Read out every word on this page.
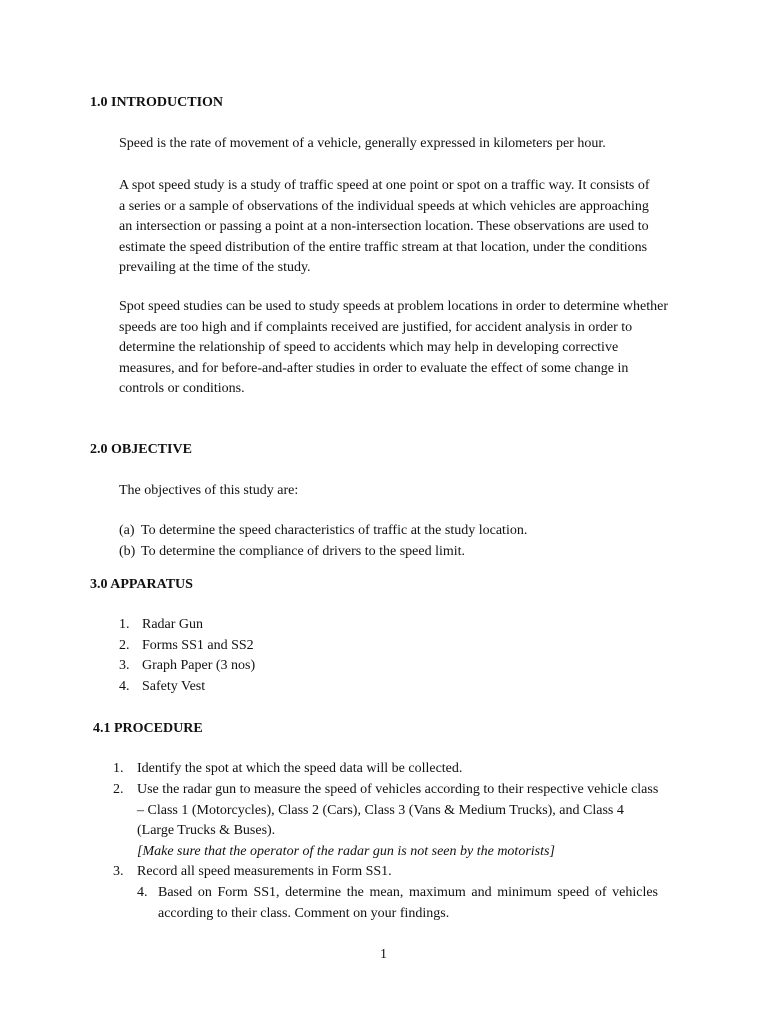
1.0 INTRODUCTION
Speed is the rate of movement of a vehicle, generally expressed in kilometers per hour.
A spot speed study is a study of traffic speed at one point or spot on a traffic way. It consists of a series or a sample of observations of the individual speeds at which vehicles are approaching an intersection or passing a point at a non-intersection location. These observations are used to estimate the speed distribution of the entire traffic stream at that location, under the conditions prevailing at the time of the study.
Spot speed studies can be used to study speeds at problem locations in order to determine whether speeds are too high and if complaints received are justified, for accident analysis in order to determine the relationship of speed to accidents which may help in developing corrective measures, and for before-and-after studies in order to evaluate the effect of some change in controls or conditions.
2.0 OBJECTIVE
The objectives of this study are:
(a) To determine the speed characteristics of traffic at the study location.
(b) To determine the compliance of drivers to the speed limit.
3.0 APPARATUS
1. Radar Gun
2. Forms SS1 and SS2
3. Graph Paper (3 nos)
4. Safety Vest
4.1 PROCEDURE
1. Identify the spot at which the speed data will be collected.
2. Use the radar gun to measure the speed of vehicles according to their respective vehicle class – Class 1 (Motorcycles), Class 2 (Cars), Class 3 (Vans & Medium Trucks), and Class 4 (Large Trucks & Buses).
[Make sure that the operator of the radar gun is not seen by the motorists]
3. Record all speed measurements in Form SS1.
4. Based on Form SS1, determine the mean, maximum and minimum speed of vehicles according to their class. Comment on your findings.
1
